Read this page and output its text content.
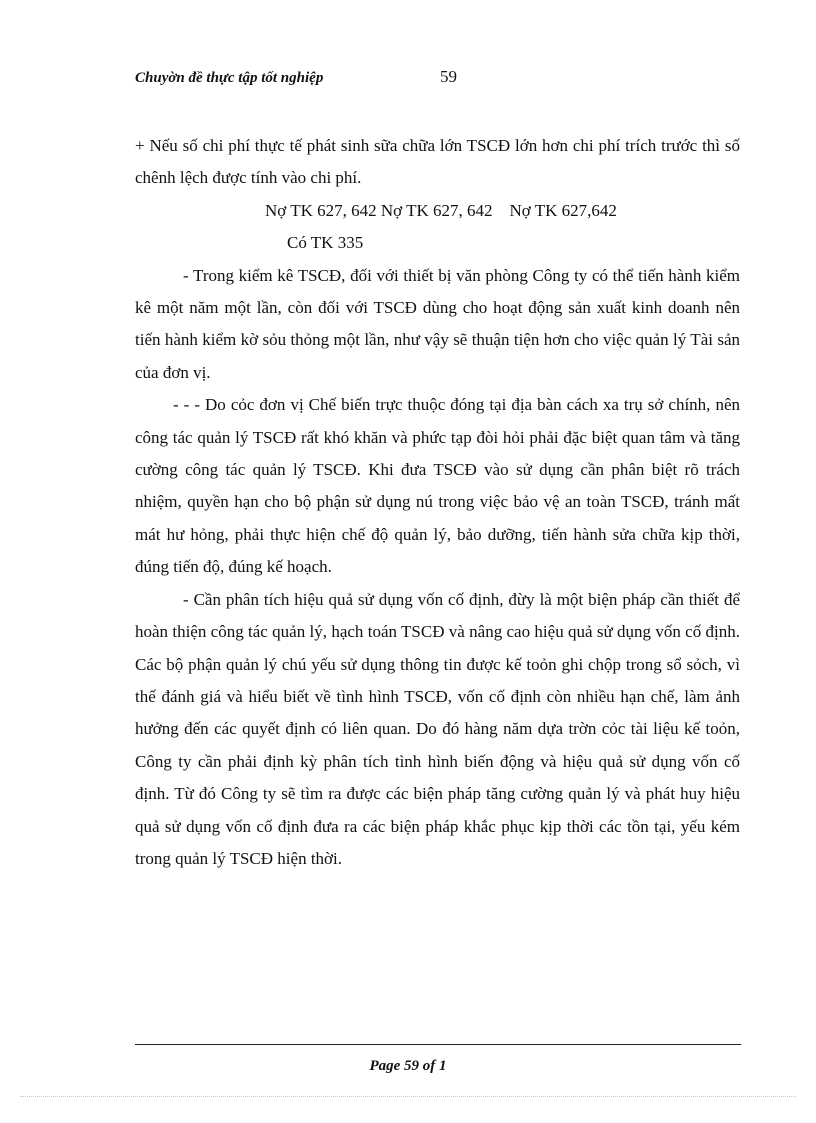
Chuyờn đề thực tập tốt nghiệp	59

+ Nếu số chi phí thực tế phát sinh sữa chữa lớn TSCĐ lớn hơn chi phí trích trước thì số chênh lệch được tính vào chi phí.

Nợ TK 627, 642 Nợ TK 627, 642    Nợ TK 627,642
Có TK 335

- Trong kiểm kê TSCĐ, đối với thiết bị văn phòng Công ty có thể tiến hành kiểm kê một năm một lần, còn đối với TSCĐ dùng cho hoạt động sản xuất kinh doanh nên tiến hành kiểm kờ sỏu thỏng một lần, như vậy sẽ thuận tiện hơn cho việc quản lý Tài sản của đơn vị.

- - - Do cỏc đơn vị Chế biến trực thuộc đóng tại địa bàn cách xa trụ sở chính, nên công tác quản lý TSCĐ rất khó khăn và phức tạp đòi hỏi phải đặc biệt quan tâm và tăng cường công tác quản lý TSCĐ. Khi đưa TSCĐ vào sử dụng cần phân biệt rõ trách nhiệm, quyền hạn cho bộ phận sử dụng nú trong việc bảo vệ an toàn TSCĐ, tránh mất mát hư hỏng, phải thực hiện chế độ quản lý, bảo dưỡng, tiến hành sửa chữa kịp thời, đúng tiến độ, đúng kế hoạch.

- Cần phân tích hiệu quả sử dụng vốn cố định, đừy là một biện pháp cần thiết để hoàn thiện công tác quản lý, hạch toán TSCĐ và nâng cao hiệu quả sử dụng vốn cố định. Các bộ phận quản lý chú yếu sử dụng thông tin được kế toỏn ghi chộp trong sổ sỏch, vì thế đánh giá và hiểu biết về tình hình TSCĐ, vốn cố định còn nhiều hạn chế, làm ảnh hưởng đến các quyết định có liên quan. Do đó hàng năm dựa trờn cỏc tài liệu kế toỏn, Công ty cần phải định kỳ phân tích tình hình biến động và hiệu quả sử dụng vốn cố định. Từ đó Công ty sẽ tìm ra được các biện pháp tăng cường quản lý và phát huy hiệu quả sử dụng vốn cố định đưa ra các biện pháp khắc phục kịp thời các tồn tại, yếu kém trong quản lý TSCĐ hiện thời.

Page 59 of 1
